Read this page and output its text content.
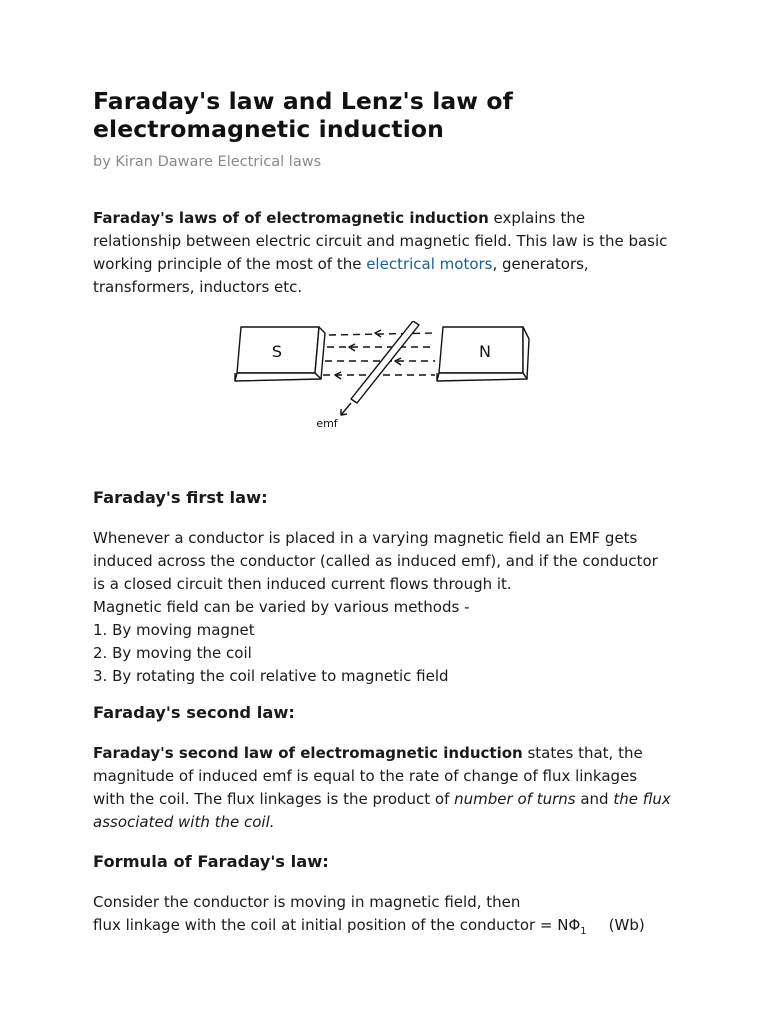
Faraday's law and Lenz's law of electromagnetic induction
by Kiran Daware Electrical laws

Faraday's laws of of electromagnetic induction explains the relationship between electric circuit and magnetic field. This law is the basic working principle of the most of the electrical motors, generators, transformers, inductors etc.

S	N
emf
Faraday's first law:

Whenever a conductor is placed in a varying magnetic field an EMF gets induced across the conductor (called as induced emf), and if the conductor is a closed circuit then induced current flows through it.
Magnetic field can be varied by various methods -
1. By moving magnet
2. By moving the coil
3. By rotating the coil relative to magnetic field

Faraday's second law:

Faraday's second law of electromagnetic induction states that, the magnitude of induced emf is equal to the rate of change of flux linkages with the coil. The flux linkages is the product of number of turns and the flux associated with the coil.

Formula of Faraday's law:

Consider the conductor is moving in magnetic field, then
flux linkage with the coil at initial position of the conductor = $N\Phi_1$ (Wb)
